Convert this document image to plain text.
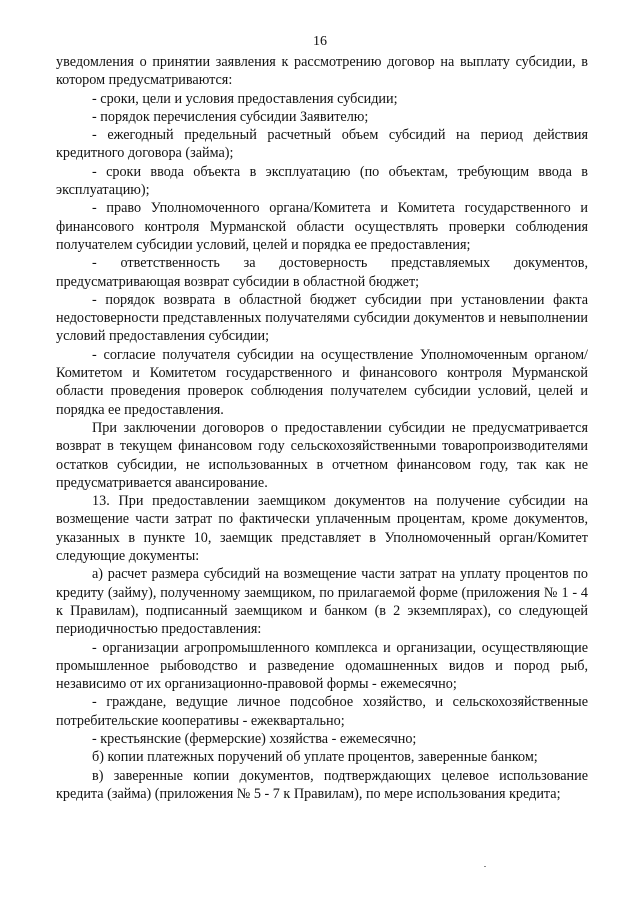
16

уведомления о принятии заявления к рассмотрению договор на выплату субсидии, в котором предусматриваются:

- сроки, цели и условия предоставления субсидии;

- порядок перечисления субсидии Заявителю;

- ежегодный предельный расчетный объем субсидий на период действия кредитного договора (займа);

- сроки ввода объекта в эксплуатацию (по объектам, требующим ввода в эксплуатацию);

- право Уполномоченного органа/Комитета и Комитета государственного и финансового контроля Мурманской области осуществлять проверки соблюдения получателем субсидии условий, целей и порядка ее предоставления;

- ответственность за достоверность представляемых документов, предусматривающая возврат субсидии в областной бюджет;

- порядок возврата в областной бюджет субсидии при установлении факта недостоверности представленных получателями субсидии документов и невыполнении условий предоставления субсидии;

- согласие получателя субсидии на осуществление Уполномоченным органом/Комитетом и Комитетом государственного и финансового контроля Мурманской области проведения проверок соблюдения получателем субсидии условий, целей и порядка ее предоставления.

При заключении договоров о предоставлении субсидии не предусматривается возврат в текущем финансовом году сельскохозяйственными товаропроизводителями остатков субсидии, не использованных в отчетном финансовом году, так как не предусматривается авансирование.

13. При предоставлении заемщиком документов на получение субсидии на возмещение части затрат по фактически уплаченным процентам, кроме документов, указанных в пункте 10, заемщик представляет в Уполномоченный орган/Комитет следующие документы:

а) расчет размера субсидий на возмещение части затрат на уплату процентов по кредиту (займу), полученному заемщиком, по прилагаемой форме (приложения № 1 - 4 к Правилам), подписанный заемщиком и банком (в 2 экземплярах), со следующей периодичностью предоставления:

- организации агропромышленного комплекса и организации, осуществляющие промышленное рыбоводство и разведение одомашненных видов и пород рыб, независимо от их организационно-правовой формы - ежемесячно;

- граждане, ведущие личное подсобное хозяйство, и сельскохозяйственные потребительские кооперативы - ежеквартально;

- крестьянские (фермерские) хозяйства - ежемесячно;

б) копии платежных поручений об уплате процентов, заверенные банком;

в) заверенные копии документов, подтверждающих целевое использование кредита (займа) (приложения № 5 - 7 к Правилам), по мере использования кредита;
